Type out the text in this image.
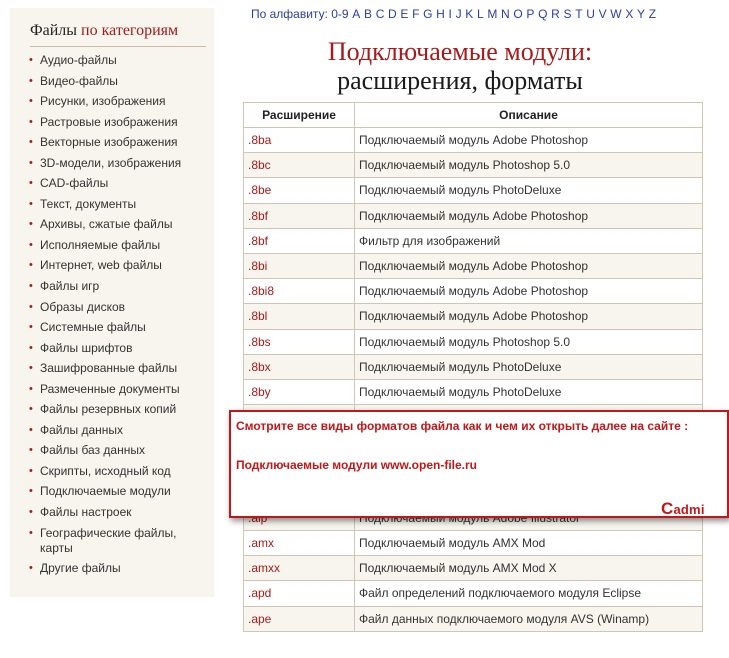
Файлы по категориям
• Аудио-файлы
• Видео-файлы
• Рисунки, изображения
• Растровые изображения
• Векторные изображения
• 3D-модели, изображения
• CAD-файлы
• Текст, документы
• Архивы, сжатые файлы
• Исполняемые файлы
• Интернет, web файлы
• Файлы игр
• Образы дисков
• Системные файлы
• Файлы шрифтов
• Зашифрованные файлы
• Размеченные документы
• Файлы резервных копий
• Файлы данных
• Файлы баз данных
• Скрипты, исходный код
• Подключаемые модули
• Файлы настроек
• Географические файлы, карты
• Другие файлы
По алфавиту: 0-9 A B C D E F G H I J K L M N O P Q R S T U V W X Y Z
Подключаемые модули:
расширения, форматы
Расширение	Описание
.8ba	Подключаемый модуль Adobe Photoshop
.8bc	Подключаемый модуль Photoshop 5.0
.8be	Подключаемый модуль PhotoDeluxe
.8bf	Подключаемый модуль Adobe Photoshop
.8bf	Фильтр для изображений
.8bi	Подключаемый модуль Adobe Photoshop
.8bi8	Подключаемый модуль Adobe Photoshop
.8bl	Подключаемый модуль Adobe Photoshop
.8bs	Подключаемый модуль Photoshop 5.0
.8bx	Подключаемый модуль PhotoDeluxe
.8by	Подключаемый модуль PhotoDeluxe

.amx	Подключаемый модуль AMX Mod
.amxx	Подключаемый модуль AMX Mod X
.apd	Файл определений подключаемого модуля Eclipse
.ape	Файл данных подключаемого модуля AVS (Winamp)
Смотрите все виды форматов файла как и чем их открыть далее на сайте :
Подключаемые модули www.open-file.ru
Cadmi
